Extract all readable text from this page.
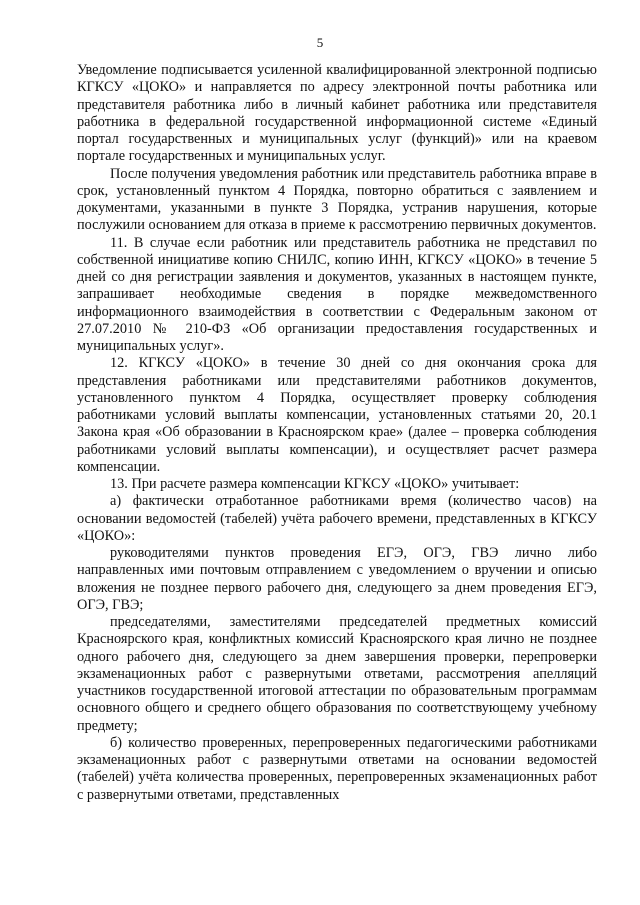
5

Уведомление подписывается усиленной квалифицированной электронной подписью КГКСУ «ЦОКО» и направляется по адресу электронной почты работника или представителя работника либо в личный кабинет работника или представителя работника в федеральной государственной информационной системе «Единый портал государственных и муниципальных услуг (функций)» или на краевом портале государственных и муниципальных услуг.

После получения уведомления работник или представитель работника вправе в срок, установленный пунктом 4 Порядка, повторно обратиться с заявлением и документами, указанными в пункте 3 Порядка, устранив нарушения, которые послужили основанием для отказа в приеме к рассмотрению первичных документов.

11. В случае если работник или представитель работника не представил по собственной инициативе копию СНИЛС, копию ИНН, КГКСУ «ЦОКО» в течение 5 дней со дня регистрации заявления и документов, указанных в настоящем пункте, запрашивает необходимые сведения в порядке межведомственного информационного взаимодействия в соответствии с Федеральным законом от 27.07.2010 № 210-ФЗ «Об организации предоставления государственных и муниципальных услуг».

12. КГКСУ «ЦОКО» в течение 30 дней со дня окончания срока для представления работниками или представителями работников документов, установленного пунктом 4 Порядка, осуществляет проверку соблюдения работниками условий выплаты компенсации, установленных статьями 20, 20.1 Закона края «Об образовании в Красноярском крае» (далее – проверка соблюдения работниками условий выплаты компенсации), и осуществляет расчет размера компенсации.

13. При расчете размера компенсации КГКСУ «ЦОКО» учитывает:

а) фактически отработанное работниками время (количество часов) на основании ведомостей (табелей) учёта рабочего времени, представленных в КГКСУ «ЦОКО»:

руководителями пунктов проведения ЕГЭ, ОГЭ, ГВЭ лично либо направленных ими почтовым отправлением с уведомлением о вручении и описью вложения не позднее первого рабочего дня, следующего за днем проведения ЕГЭ, ОГЭ, ГВЭ;

председателями, заместителями председателей предметных комиссий Красноярского края, конфликтных комиссий Красноярского края лично не позднее одного рабочего дня, следующего за днем завершения проверки, перепроверки экзаменационных работ с развернутыми ответами, рассмотрения апелляций участников государственной итоговой аттестации по образовательным программам основного общего и среднего общего образования по соответствующему учебному предмету;

б) количество проверенных, перепроверенных педагогическими работниками экзаменационных работ с развернутыми ответами на основании ведомостей (табелей) учёта количества проверенных, перепроверенных экзаменационных работ с развернутыми ответами, представленных
